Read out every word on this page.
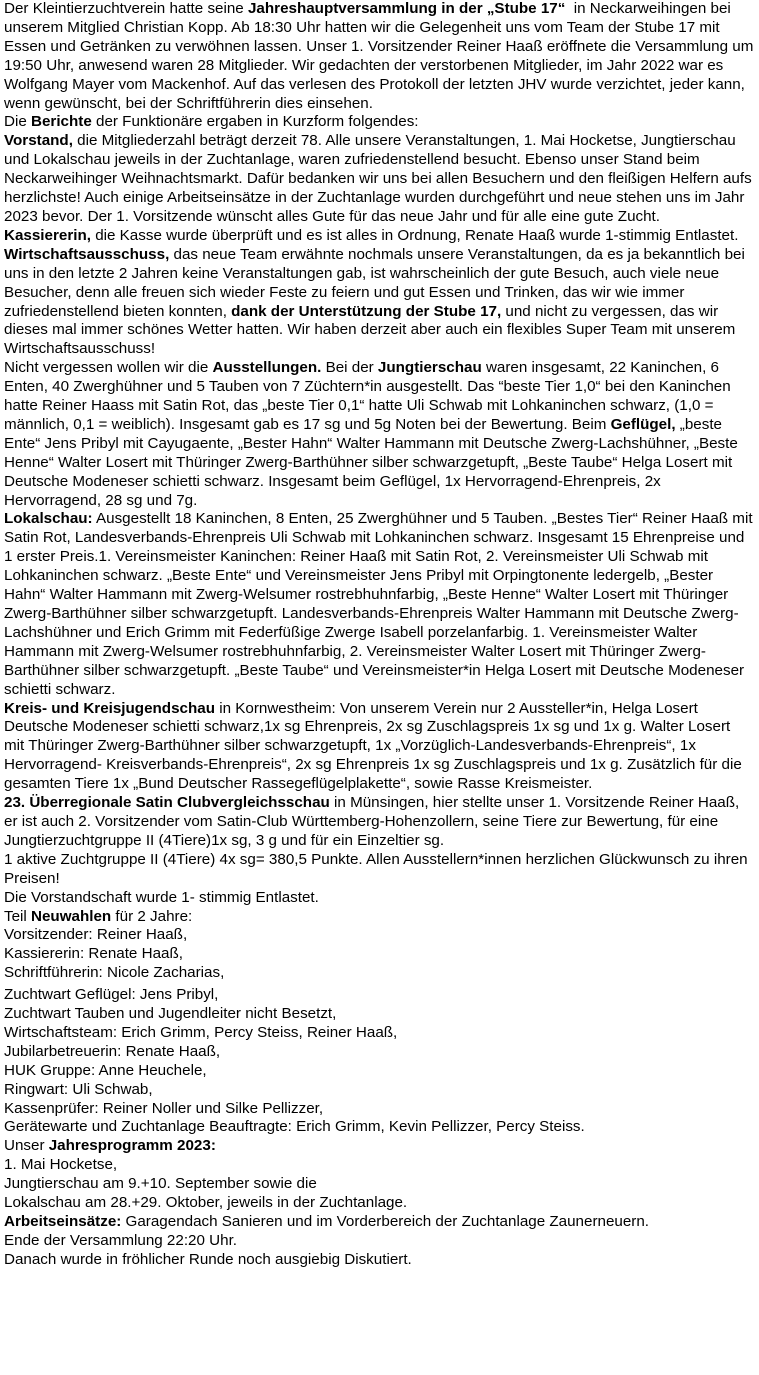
Der Kleintierzuchtverein hatte seine Jahreshauptversammlung in der „Stube 17“  in Neckarweihingen bei unserem Mitglied Christian Kopp. Ab 18:30 Uhr hatten wir die Gelegenheit uns vom Team der Stube 17 mit Essen und Getränken zu verwöhnen lassen. Unser 1. Vorsitzender Reiner Haaß eröffnete die Versammlung um 19:50 Uhr, anwesend waren 28 Mitglieder. Wir gedachten der verstorbenen Mitglieder, im Jahr 2022 war es Wolfgang Mayer vom Mackenhof. Auf das verlesen des Protokoll der letzten JHV wurde verzichtet, jeder kann, wenn gewünscht, bei der Schriftführerin dies einsehen.

Die Berichte der Funktionäre ergaben in Kurzform folgendes:

Vorstand, die Mitgliederzahl beträgt derzeit 78. Alle unsere Veranstaltungen, 1. Mai Hocketse, Jungtierschau und Lokalschau jeweils in der Zuchtanlage, waren zufriedenstellend besucht. Ebenso unser Stand beim Neckarweihinger Weihnachtsmarkt. Dafür bedanken wir uns bei allen Besuchern und den fleißigen Helfern aufs herzlichste! Auch einige Arbeitseinsätze in der Zuchtanlage wurden durchgeführt und neue stehen uns im Jahr 2023 bevor. Der 1. Vorsitzende wünscht alles Gute für das neue Jahr und für alle eine gute Zucht.

Kassiererin, die Kasse wurde überprüft und es ist alles in Ordnung, Renate Haaß wurde 1-stimmig Entlastet.

Wirtschaftsausschuss, das neue Team erwähnte nochmals unsere Veranstaltungen, da es ja bekanntlich bei uns in den letzte 2 Jahren keine Veranstaltungen gab, ist wahrscheinlich der gute Besuch, auch viele neue Besucher, denn alle freuen sich wieder Feste zu feiern und gut Essen und Trinken, das wir wie immer zufriedenstellend bieten konnten, dank der Unterstützung der Stube 17, und nicht zu vergessen, das wir dieses mal immer schönes Wetter hatten. Wir haben derzeit aber auch ein flexibles Super Team mit unserem Wirtschaftsausschuss!

Nicht vergessen wollen wir die Ausstellungen. Bei der Jungtierschau waren insgesamt, 22 Kaninchen, 6 Enten, 40 Zwerghühner und 5 Tauben von 7 Züchtern*in ausgestellt. Das “beste Tier 1,0“ bei den Kaninchen hatte Reiner Haass mit Satin Rot, das „beste Tier 0,1“ hatte Uli Schwab mit Lohkaninchen schwarz, (1,0 = männlich, 0,1 = weiblich). Insgesamt gab es 17 sg und 5g Noten bei der Bewertung. Beim Geflügel, „beste Ente“ Jens Pribyl mit Cayugaente, „Bester Hahn“ Walter Hammann mit Deutsche Zwerg-Lachshühner, „Beste Henne“ Walter Losert mit Thüringer Zwerg-Barthühner silber schwarzgetupft, „Beste Taube“ Helga Losert mit Deutsche Modeneser schietti schwarz. Insgesamt beim Geflügel, 1x Hervorragend-Ehrenpreis, 2x Hervorragend, 28 sg und 7g.

Lokalschau: Ausgestellt 18 Kaninchen, 8 Enten, 25 Zwerghühner und 5 Tauben. „Bestes Tier“ Reiner Haaß mit Satin Rot, Landesverbands-Ehrenpreis Uli Schwab mit Lohkaninchen schwarz. Insgesamt 15 Ehrenpreise und 1 erster Preis.1. Vereinsmeister Kaninchen: Reiner Haaß mit Satin Rot, 2. Vereinsmeister Uli Schwab mit Lohkaninchen schwarz. „Beste Ente“ und Vereinsmeister Jens Pribyl mit Orpingtonente ledergelb, „Bester Hahn“ Walter Hammann mit Zwerg-Welsumer rostrebhuhnfarbig, „Beste Henne“ Walter Losert mit Thüringer Zwerg-Barthühner silber schwarzgetupft. Landesverbands-Ehrenpreis Walter Hammann mit Deutsche Zwerg-Lachshühner und Erich Grimm mit Federfüßige Zwerge Isabell porzelanfarbig. 1. Vereinsmeister Walter Hammann mit Zwerg-Welsumer rostrebhuhnfarbig, 2. Vereinsmeister Walter Losert mit Thüringer Zwerg-Barthühner silber schwarzgetupft. „Beste Taube“ und Vereinsmeister*in Helga Losert mit Deutsche Modeneser schietti schwarz.

Kreis- und Kreisjugendschau in Kornwestheim: Von unserem Verein nur 2 Aussteller*in, Helga Losert Deutsche Modeneser schietti schwarz,1x sg Ehrenpreis, 2x sg Zuschlagspreis 1x sg und 1x g. Walter Losert mit Thüringer Zwerg-Barthühner silber schwarzgetupft, 1x „Vorzüglich-Landesverbands-Ehrenpreis“, 1x Hervorragend- Kreisverbands-Ehrenpreis“, 2x sg Ehrenpreis 1x sg Zuschlagspreis und 1x g. Zusätzlich für die gesamten Tiere 1x „Bund Deutscher Rassegeflügelplakette“, sowie Rasse Kreismeister.

23. Überregionale Satin Clubvergleichsschau in Münsingen, hier stellte unser 1. Vorsitzende Reiner Haaß, er ist auch 2. Vorsitzender vom Satin-Club Württemberg-Hohenzollern, seine Tiere zur Bewertung, für eine Jungtierzuchtgruppe II (4Tiere)1x sg, 3 g und für ein Einzeltier sg.

1 aktive Zuchtgruppe II (4Tiere) 4x sg= 380,5 Punkte. Allen Ausstellern*innen herzlichen Glückwunsch zu ihren Preisen!

Die Vorstandschaft wurde 1- stimmig Entlastet.

Teil Neuwahlen für 2 Jahre:

Vorsitzender: Reiner Haaß,
Kassiererin: Renate Haaß,
Schriftführerin: Nicole Zacharias,
Zuchtwart Geflügel: Jens Pribyl,
Zuchtwart Tauben und Jugendleiter nicht Besetzt,
Wirtschaftsteam: Erich Grimm, Percy Steiss, Reiner Haaß,
Jubilarbetreuerin: Renate Haaß,
HUK Gruppe: Anne Heuchele,
Ringwart: Uli Schwab,
Kassenprüfer: Reiner Noller und Silke Pellizzer,
Gerätewarte und Zuchtanlage Beauftragte: Erich Grimm, Kevin Pellizzer, Percy Steiss.

Unser Jahresprogramm 2023:

1. Mai Hocketse,
Jungtierschau am 9.+10. September sowie die
Lokalschau am 28.+29. Oktober, jeweils in der Zuchtanlage.

Arbeitseinsätze: Garagendach Sanieren und im Vorderbereich der Zuchtanlage Zaunerneuern.

Ende der Versammlung 22:20 Uhr.

Danach wurde in fröhlicher Runde noch ausgiebig Diskutiert.
